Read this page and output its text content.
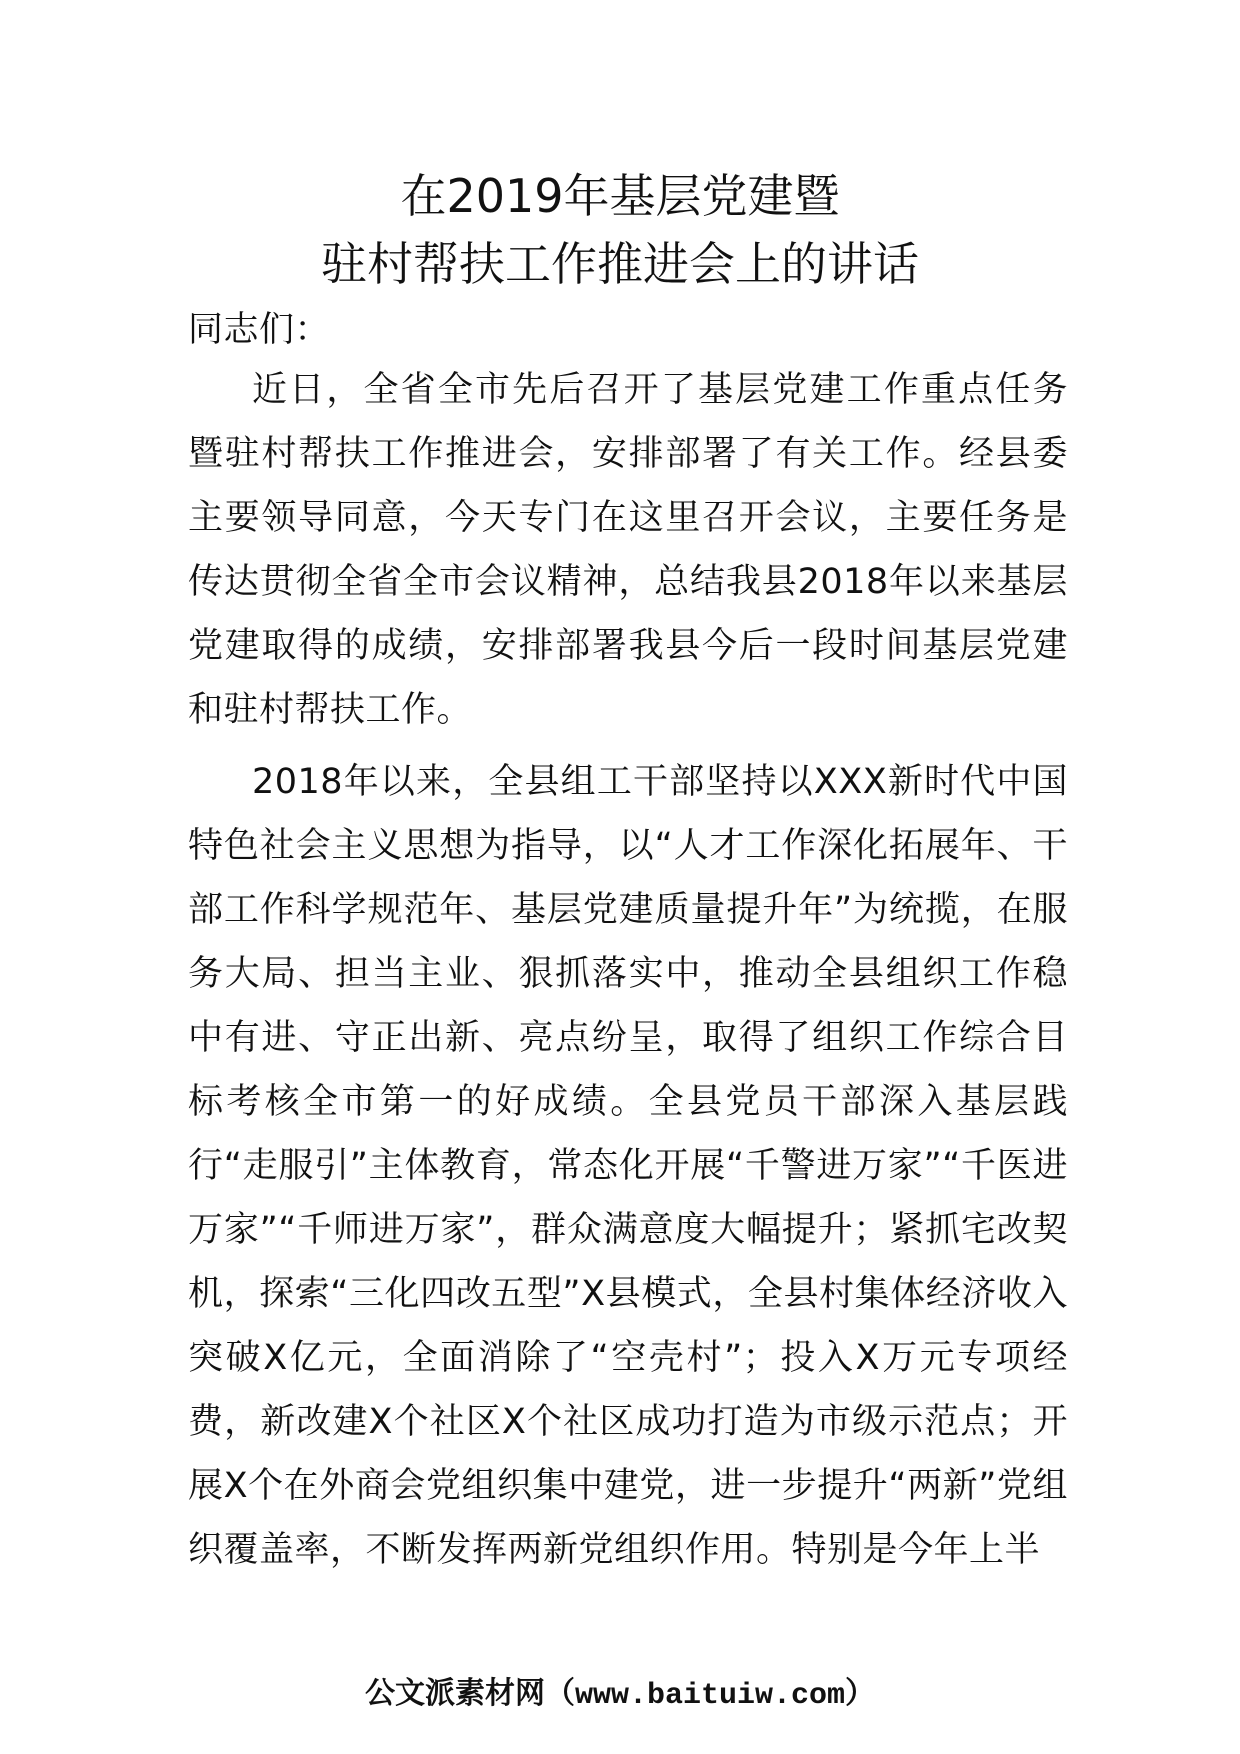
在2019年基层党建暨
驻村帮扶工作推进会上的讲话
同志们：
近日，全省全市先后召开了基层党建工作重点任务暨驻村帮扶工作推进会，安排部署了有关工作。经县委主要领导同意，今天专门在这里召开会议，主要任务是传达贯彻全省全市会议精神，总结我县2018年以来基层党建取得的成绩，安排部署我县今后一段时间基层党建和驻村帮扶工作。
2018年以来，全县组工干部坚持以XXX新时代中国特色社会主义思想为指导，以“人才工作深化拓展年、干部工作科学规范年、基层党建质量提升年”为统揽，在服务大局、担当主业、狠抓落实中，推动全县组织工作稳中有进、守正出新、亮点纷呈，取得了组织工作综合目标考核全市第一的好成绩。全县党员干部深入基层践行“走服引”主体教育，常态化开展“千警进万家”“千医进万家”“千师进万家”，群众满意度大幅提升；紧抓宅改契机，探索“三化四改五型”X县模式，全县村集体经济收入突破X亿元，全面消除了“空壳村”；投入X万元专项经费，新改建X个社区X个社区成功打造为市级示范点；开展X个在外商会党组织集中建党，进一步提升“两新”党组织覆盖率，不断发挥两新党组织作用。特别是今年上半
公文派素材网（www.baituiw.com）
